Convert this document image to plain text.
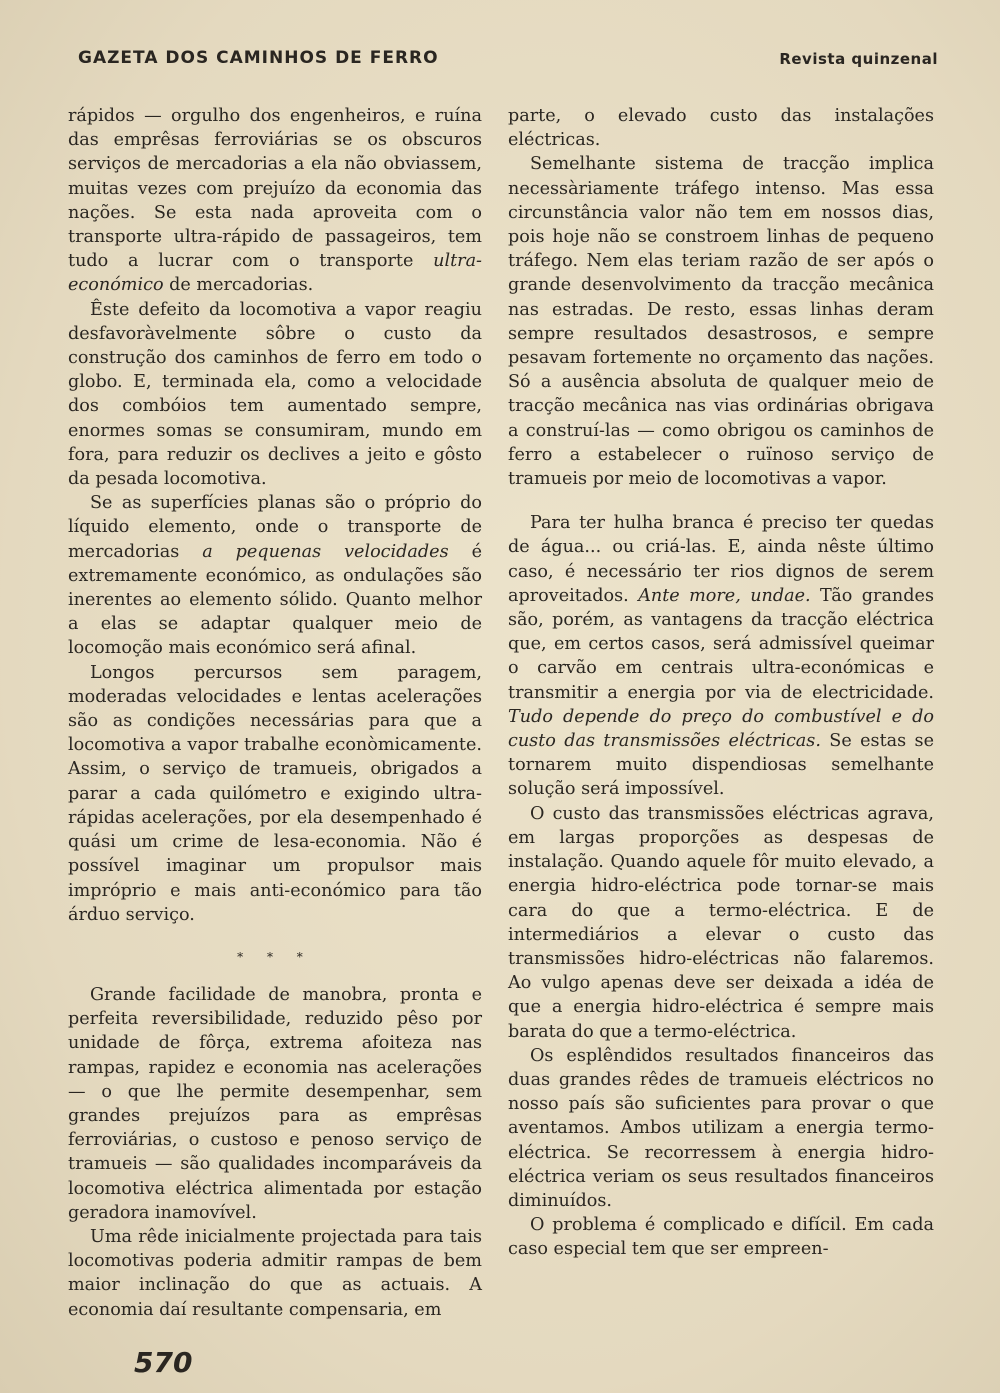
GAZETA DOS CAMINHOS DE FERRO	Revista quinzenal

rápidos — orgulho dos engenheiros, e ruína das emprêsas ferroviárias se os obscuros serviços de mercadorias a ela não obviassem, muitas vezes com prejuízo da economia das nações. Se esta nada aproveita com o transporte ultra-rápido de passageiros, tem tudo a lucrar com o transporte ultra-económico de mercadorias.

Êste defeito da locomotiva a vapor reagiu desfavoràvelmente sôbre o custo da construção dos caminhos de ferro em todo o globo. E, terminada ela, como a velocidade dos combóios tem aumentado sempre, enormes somas se consumiram, mundo em fora, para reduzir os declives a jeito e gôsto da pesada locomotiva.

Se as superfícies planas são o próprio do líquido elemento, onde o transporte de mercadorias a pequenas velocidades é extremamente económico, as ondulações são inerentes ao elemento sólido. Quanto melhor a elas se adaptar qualquer meio de locomoção mais económico será afinal.

Longos percursos sem paragem, moderadas velocidades e lentas acelerações são as condições necessárias para que a locomotiva a vapor trabalhe econòmicamente. Assim, o serviço de tramueis, obrigados a parar a cada quilómetro e exigindo ultra-rápidas acelerações, por ela desempenhado é quási um crime de lesa-economia. Não é possível imaginar um propulsor mais impróprio e mais anti-económico para tão árduo serviço.

* * *

Grande facilidade de manobra, pronta e perfeita reversibilidade, reduzido pêso por unidade de fôrça, extrema afoiteza nas rampas, rapidez e economia nas acelerações — o que lhe permite desempenhar, sem grandes prejuízos para as emprêsas ferroviárias, o custoso e penoso serviço de tramueis — são qualidades incomparáveis da locomotiva eléctrica alimentada por estação geradora inamovível.

Uma rêde inicialmente projectada para tais locomotivas poderia admitir rampas de bem maior inclinação do que as actuais. A economia daí resultante compensaria, em

parte, o elevado custo das instalações eléctricas.

Semelhante sistema de tracção implica necessàriamente tráfego intenso. Mas essa circunstância valor não tem em nossos dias, pois hoje não se constroem linhas de pequeno tráfego. Nem elas teriam razão de ser após o grande desenvolvimento da tracção mecânica nas estradas. De resto, essas linhas deram sempre resultados desastrosos, e sempre pesavam fortemente no orçamento das nações. Só a ausência absoluta de qualquer meio de tracção mecânica nas vias ordinárias obrigava a construí-las — como obrigou os caminhos de ferro a estabelecer o ruïnoso serviço de tramueis por meio de locomotivas a vapor.

Para ter hulha branca é preciso ter quedas de água... ou criá-las. E, ainda nêste último caso, é necessário ter rios dignos de serem aproveitados. Ante more, undae. Tão grandes são, porém, as vantagens da tracção eléctrica que, em certos casos, será admissível queimar o carvão em centrais ultra-económicas e transmitir a energia por via de electricidade. Tudo depende do preço do combustível e do custo das transmissões eléctricas. Se estas se tornarem muito dispendiosas semelhante solução será impossível.

O custo das transmissões eléctricas agrava, em largas proporções as despesas de instalação. Quando aquele fôr muito elevado, a energia hidro-eléctrica pode tornar-se mais cara do que a termo-eléctrica. E de intermediários a elevar o custo das transmissões hidro-eléctricas não falaremos. Ao vulgo apenas deve ser deixada a idéa de que a energia hidro-eléctrica é sempre mais barata do que a termo-eléctrica.

Os esplêndidos resultados financeiros das duas grandes rêdes de tramueis eléctricos no nosso país são suficientes para provar o que aventamos. Ambos utilizam a energia termo-eléctrica. Se recorressem à energia hidro-eléctrica veriam os seus resultados financeiros diminuídos.

O problema é complicado e difícil. Em cada caso especial tem que ser empreen-

570
